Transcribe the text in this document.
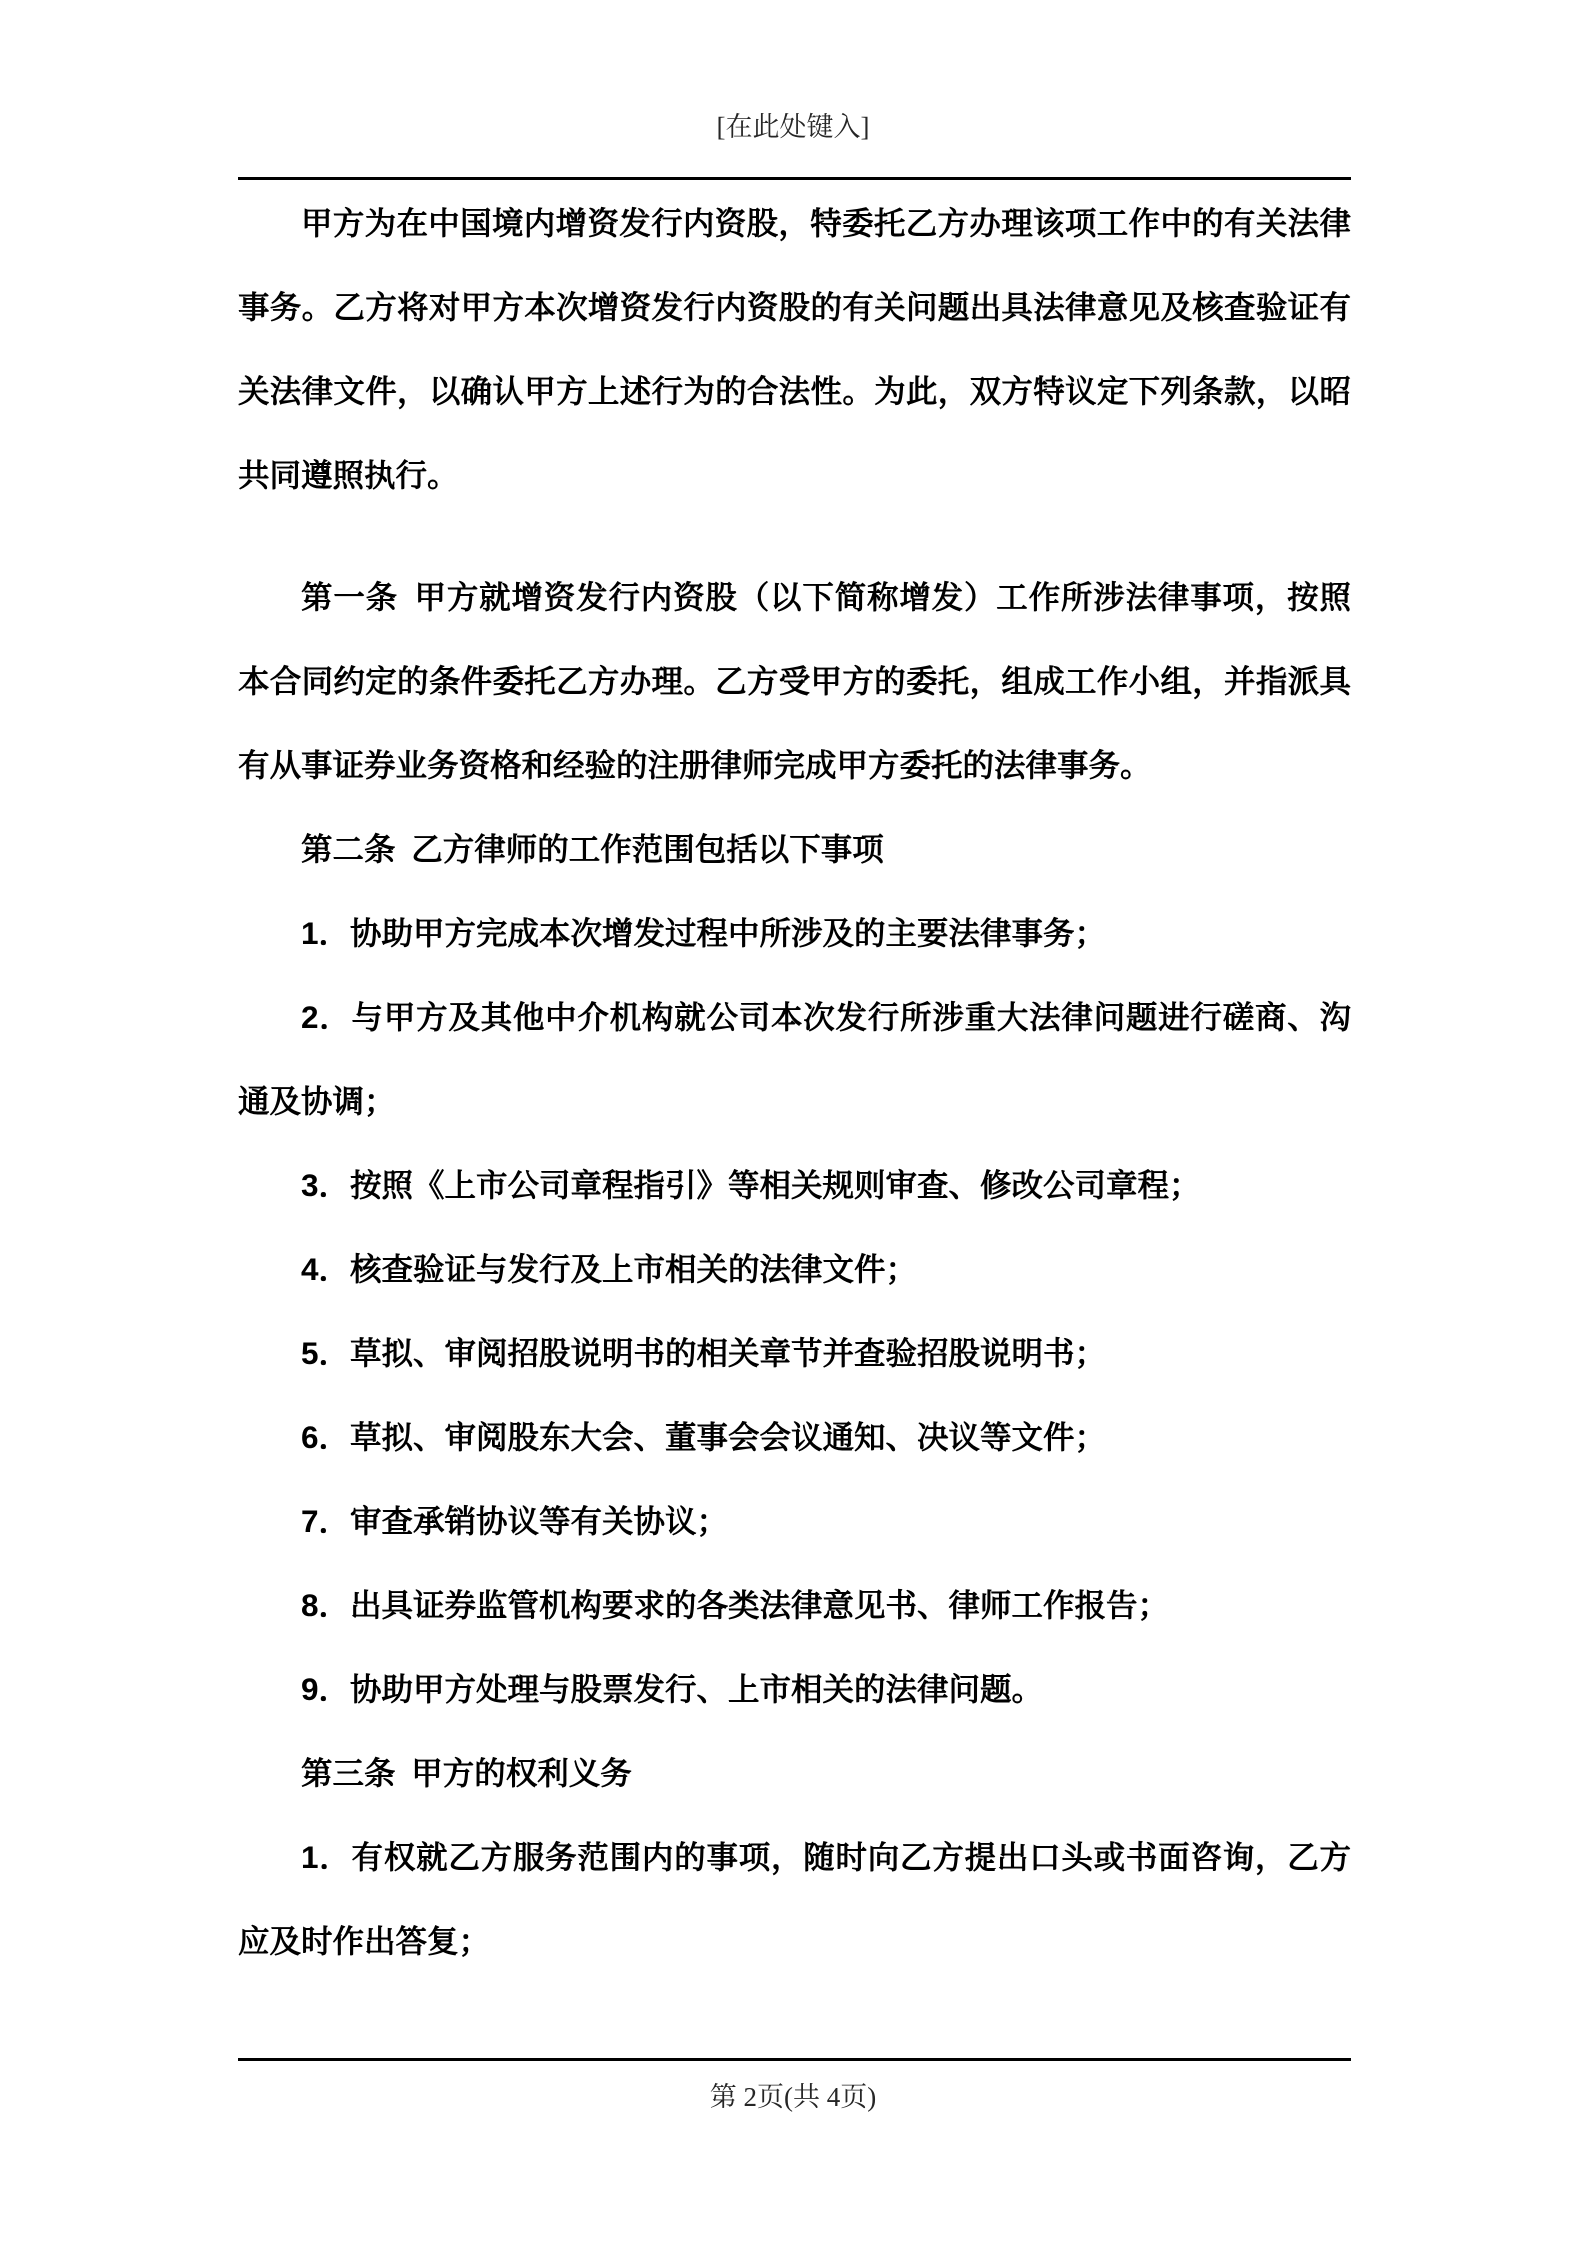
[在此处键入]

甲方为在中国境内增资发行内资股，特委托乙方办理该项工作中的有关法律事务。乙方将对甲方本次增资发行内资股的有关问题出具法律意见及核查验证有关法律文件，以确认甲方上述行为的合法性。为此，双方特议定下列条款，以昭共同遵照执行。

第一条 甲方就增资发行内资股（以下简称增发）工作所涉法律事项，按照本合同约定的条件委托乙方办理。乙方受甲方的委托，组成工作小组，并指派具有从事证券业务资格和经验的注册律师完成甲方委托的法律事务。

第二条 乙方律师的工作范围包括以下事项

1．协助甲方完成本次增发过程中所涉及的主要法律事务；

2．与甲方及其他中介机构就公司本次发行所涉重大法律问题进行磋商、沟通及协调；

3．按照《上市公司章程指引》等相关规则审查、修改公司章程；

4．核查验证与发行及上市相关的法律文件；

5．草拟、审阅招股说明书的相关章节并查验招股说明书；

6．草拟、审阅股东大会、董事会会议通知、决议等文件；

7．审查承销协议等有关协议；

8．出具证券监管机构要求的各类法律意见书、律师工作报告；

9．协助甲方处理与股票发行、上市相关的法律问题。

第三条 甲方的权利义务

1．有权就乙方服务范围内的事项，随时向乙方提出口头或书面咨询，乙方应及时作出答复；

第 2页(共 4页)
